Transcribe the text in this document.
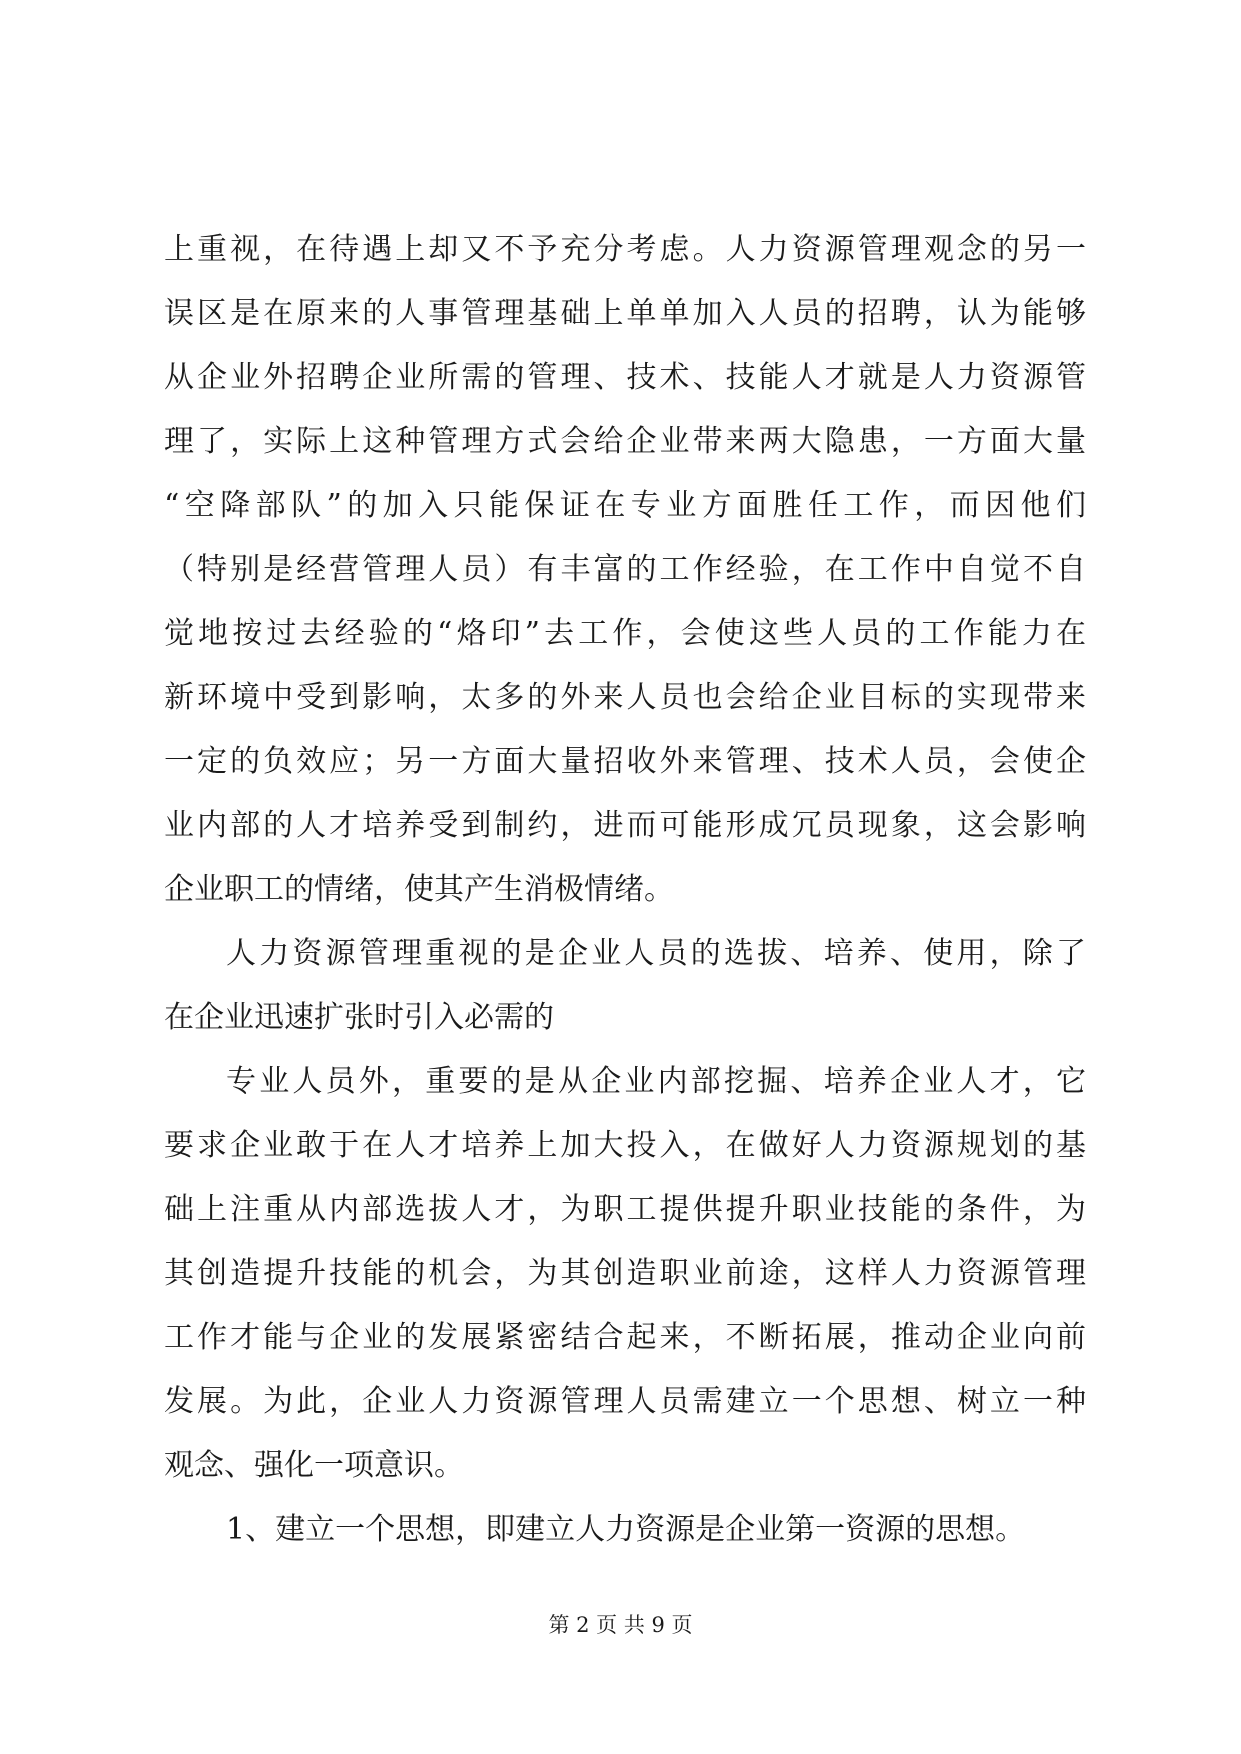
上重视，在待遇上却又不予充分考虑。人力资源管理观念的另一
误区是在原来的人事管理基础上单单加入人员的招聘，认为能够
从企业外招聘企业所需的管理、技术、技能人才就是人力资源管
理了，实际上这种管理方式会给企业带来两大隐患，一方面大量
“空降部队”的加入只能保证在专业方面胜任工作，而因他们
（特别是经营管理人员）有丰富的工作经验，在工作中自觉不自
觉地按过去经验的“烙印”去工作，会使这些人员的工作能力在
新环境中受到影响，太多的外来人员也会给企业目标的实现带来
一定的负效应；另一方面大量招收外来管理、技术人员，会使企
业内部的人才培养受到制约，进而可能形成冗员现象，这会影响
企业职工的情绪，使其产生消极情绪。
人力资源管理重视的是企业人员的选拔、培养、使用，除了
在企业迅速扩张时引入必需的
专业人员外，重要的是从企业内部挖掘、培养企业人才，它
要求企业敢于在人才培养上加大投入，在做好人力资源规划的基
础上注重从内部选拔人才，为职工提供提升职业技能的条件，为
其创造提升技能的机会，为其创造职业前途，这样人力资源管理
工作才能与企业的发展紧密结合起来，不断拓展，推动企业向前
发展。为此，企业人力资源管理人员需建立一个思想、树立一种
观念、强化一项意识。
1、建立一个思想，即建立人力资源是企业第一资源的思想。
第 2 页 共 9 页
